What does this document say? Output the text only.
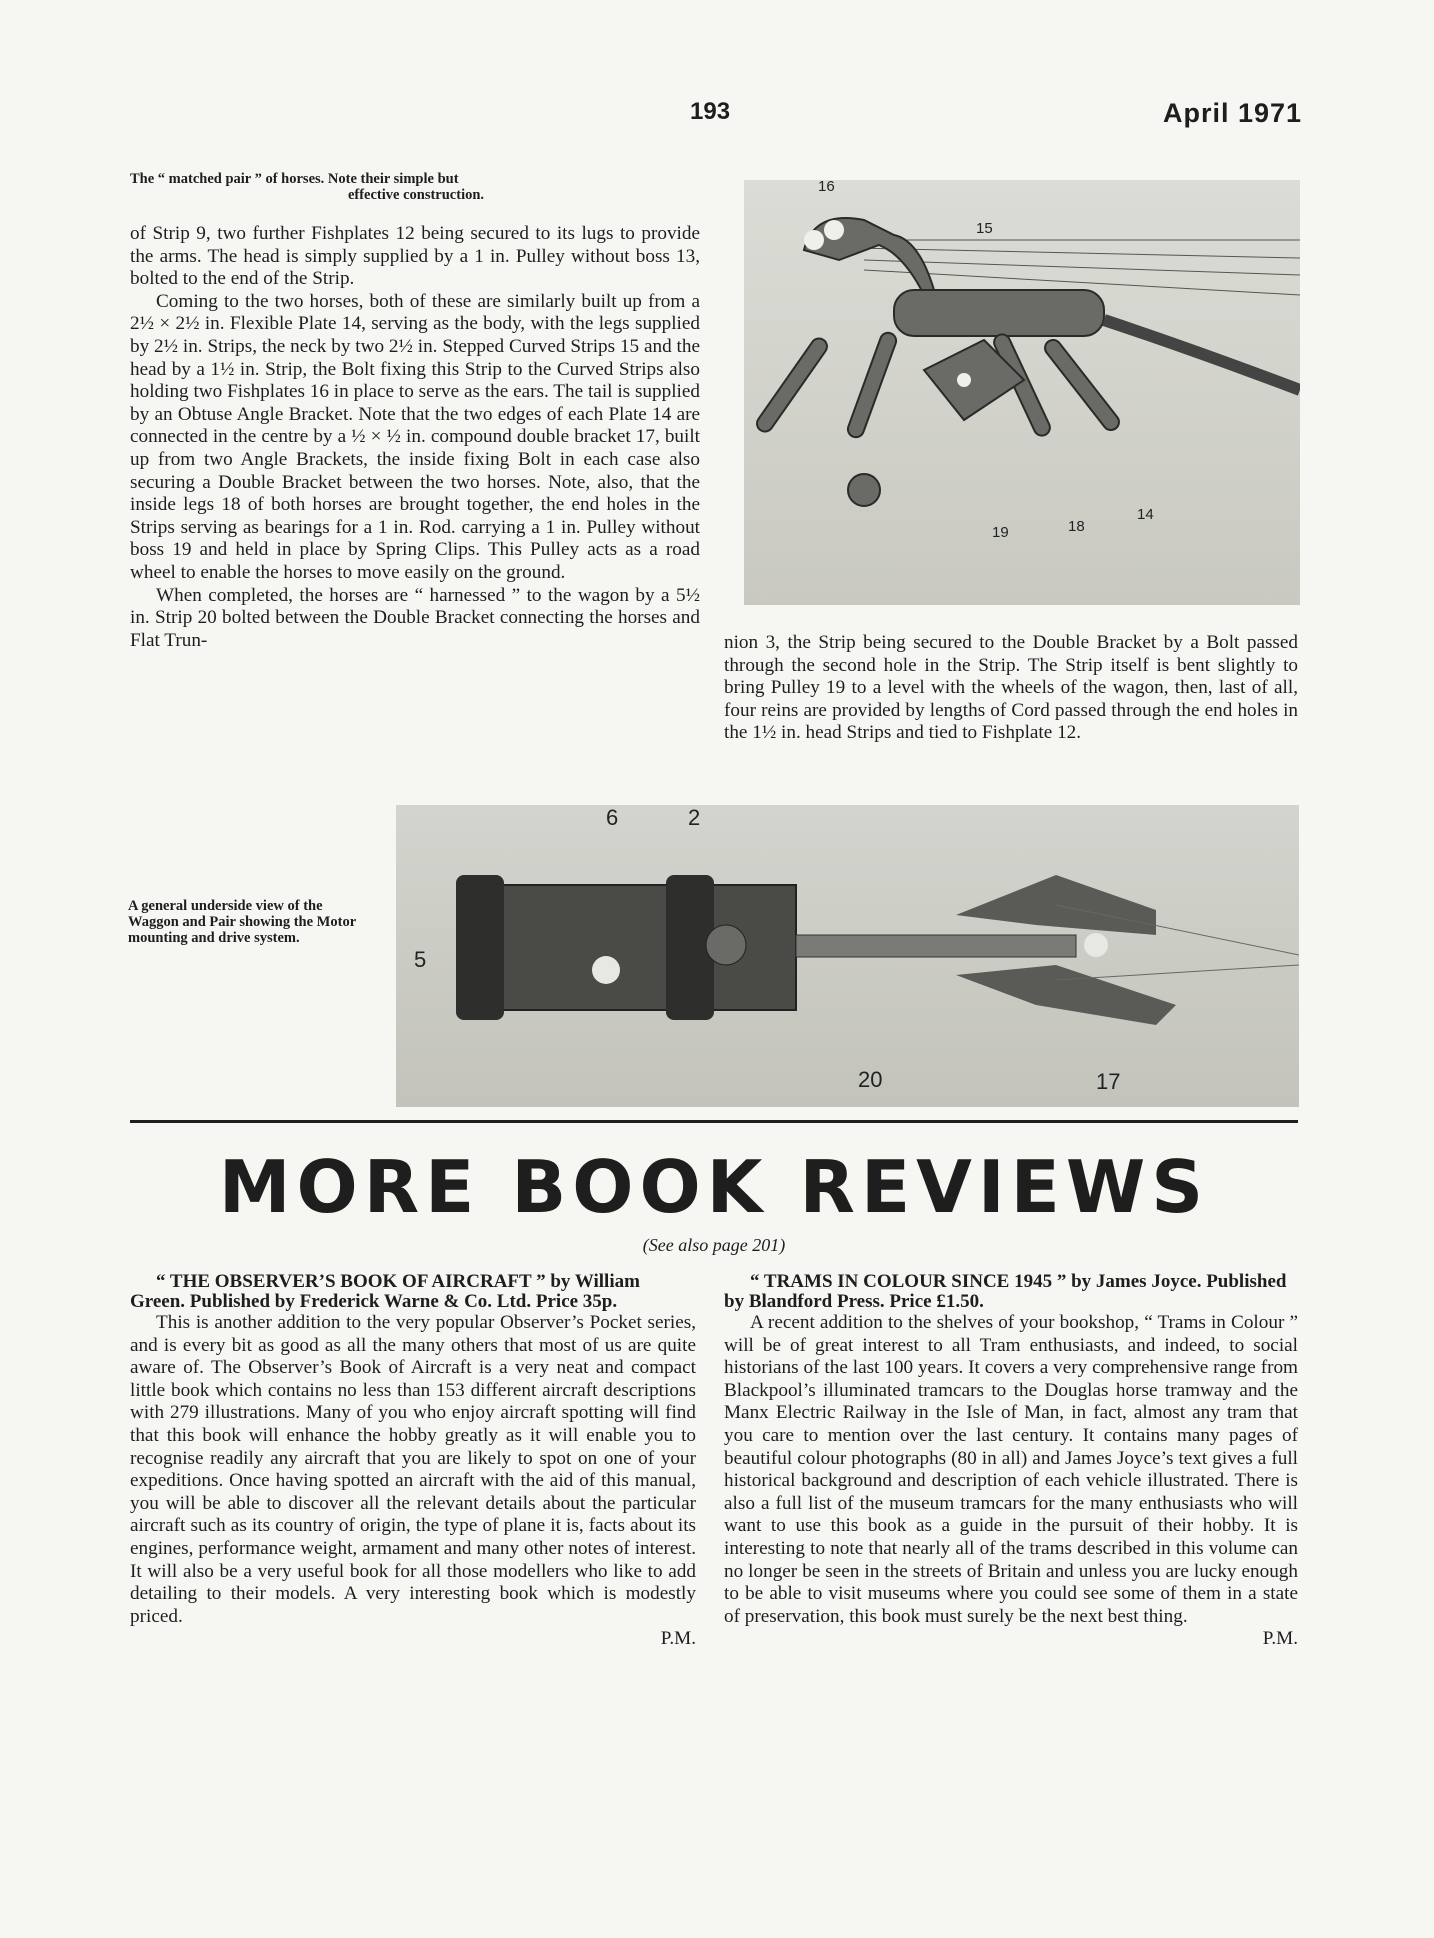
193	April 1971
The “ matched pair ” of horses. Note their simple but
effective construction.

of Strip 9, two further Fishplates 12 being secured to its lugs to provide the arms. The head is simply supplied by a 1 in. Pulley without boss 13, bolted to the end of the Strip.

Coming to the two horses, both of these are similarly built up from a 2½ × 2½ in. Flexible Plate 14, serving as the body, with the legs supplied by 2½ in. Strips, the neck by two 2½ in. Stepped Curved Strips 15 and the head by a 1½ in. Strip, the Bolt fixing this Strip to the Curved Strips also holding two Fishplates 16 in place to serve as the ears. The tail is supplied by an Obtuse Angle Bracket. Note that the two edges of each Plate 14 are connected in the centre by a ½ × ½ in. compound double bracket 17, built up from two Angle Brackets, the inside fixing Bolt in each case also securing a Double Bracket between the two horses. Note, also, that the inside legs 18 of both horses are brought together, the end holes in the Strips serving as bearings for a 1 in. Rod. carrying a 1 in. Pulley without boss 19 and held in place by Spring Clips. This Pulley acts as a road wheel to enable the horses to move easily on the ground.

When completed, the horses are “ harnessed ” to the wagon by a 5½ in. Strip 20 bolted between the Double Bracket connecting the horses and Flat Trun-

16
15
14
18
19

nion 3, the Strip being secured to the Double Bracket by a Bolt passed through the second hole in the Strip. The Strip itself is bent slightly to bring Pulley 19 to a level with the wheels of the wagon, then, last of all, four reins are provided by lengths of Cord passed through the end holes in the 1½ in. head Strips and tied to Fishplate 12.

A general underside view of the Waggon and Pair showing the Motor mounting and drive system.
6	2
5
20	17
MORE BOOK REVIEWS
(See also page 201)

“ THE OBSERVER’S BOOK OF AIRCRAFT ” by William Green. Published by Frederick Warne & Co. Ltd. Price 35p.

This is another addition to the very popular Observer’s Pocket series, and is every bit as good as all the many others that most of us are quite aware of. The Observer’s Book of Aircraft is a very neat and compact little book which contains no less than 153 different aircraft descriptions with 279 illustrations. Many of you who enjoy aircraft spotting will find that this book will enhance the hobby greatly as it will enable you to recognise readily any aircraft that you are likely to spot on one of your expeditions. Once having spotted an aircraft with the aid of this manual, you will be able to discover all the relevant details about the particular aircraft such as its country of origin, the type of plane it is, facts about its engines, performance weight, armament and many other notes of interest. It will also be a very useful book for all those modellers who like to add detailing to their models. A very interesting book which is modestly priced.

P.M.

“ TRAMS IN COLOUR SINCE 1945 ” by James Joyce. Published by Blandford Press. Price £1.50.

A recent addition to the shelves of your bookshop, “ Trams in Colour ” will be of great interest to all Tram enthusiasts, and indeed, to social historians of the last 100 years. It covers a very comprehensive range from Blackpool’s illuminated tramcars to the Douglas horse tramway and the Manx Electric Railway in the Isle of Man, in fact, almost any tram that you care to mention over the last century. It contains many pages of beautiful colour photographs (80 in all) and James Joyce’s text gives a full historical background and description of each vehicle illustrated. There is also a full list of the museum tramcars for the many enthusiasts who will want to use this book as a guide in the pursuit of their hobby. It is interesting to note that nearly all of the trams described in this volume can no longer be seen in the streets of Britain and unless you are lucky enough to be able to visit museums where you could see some of them in a state of preservation, this book must surely be the next best thing.

P.M.
